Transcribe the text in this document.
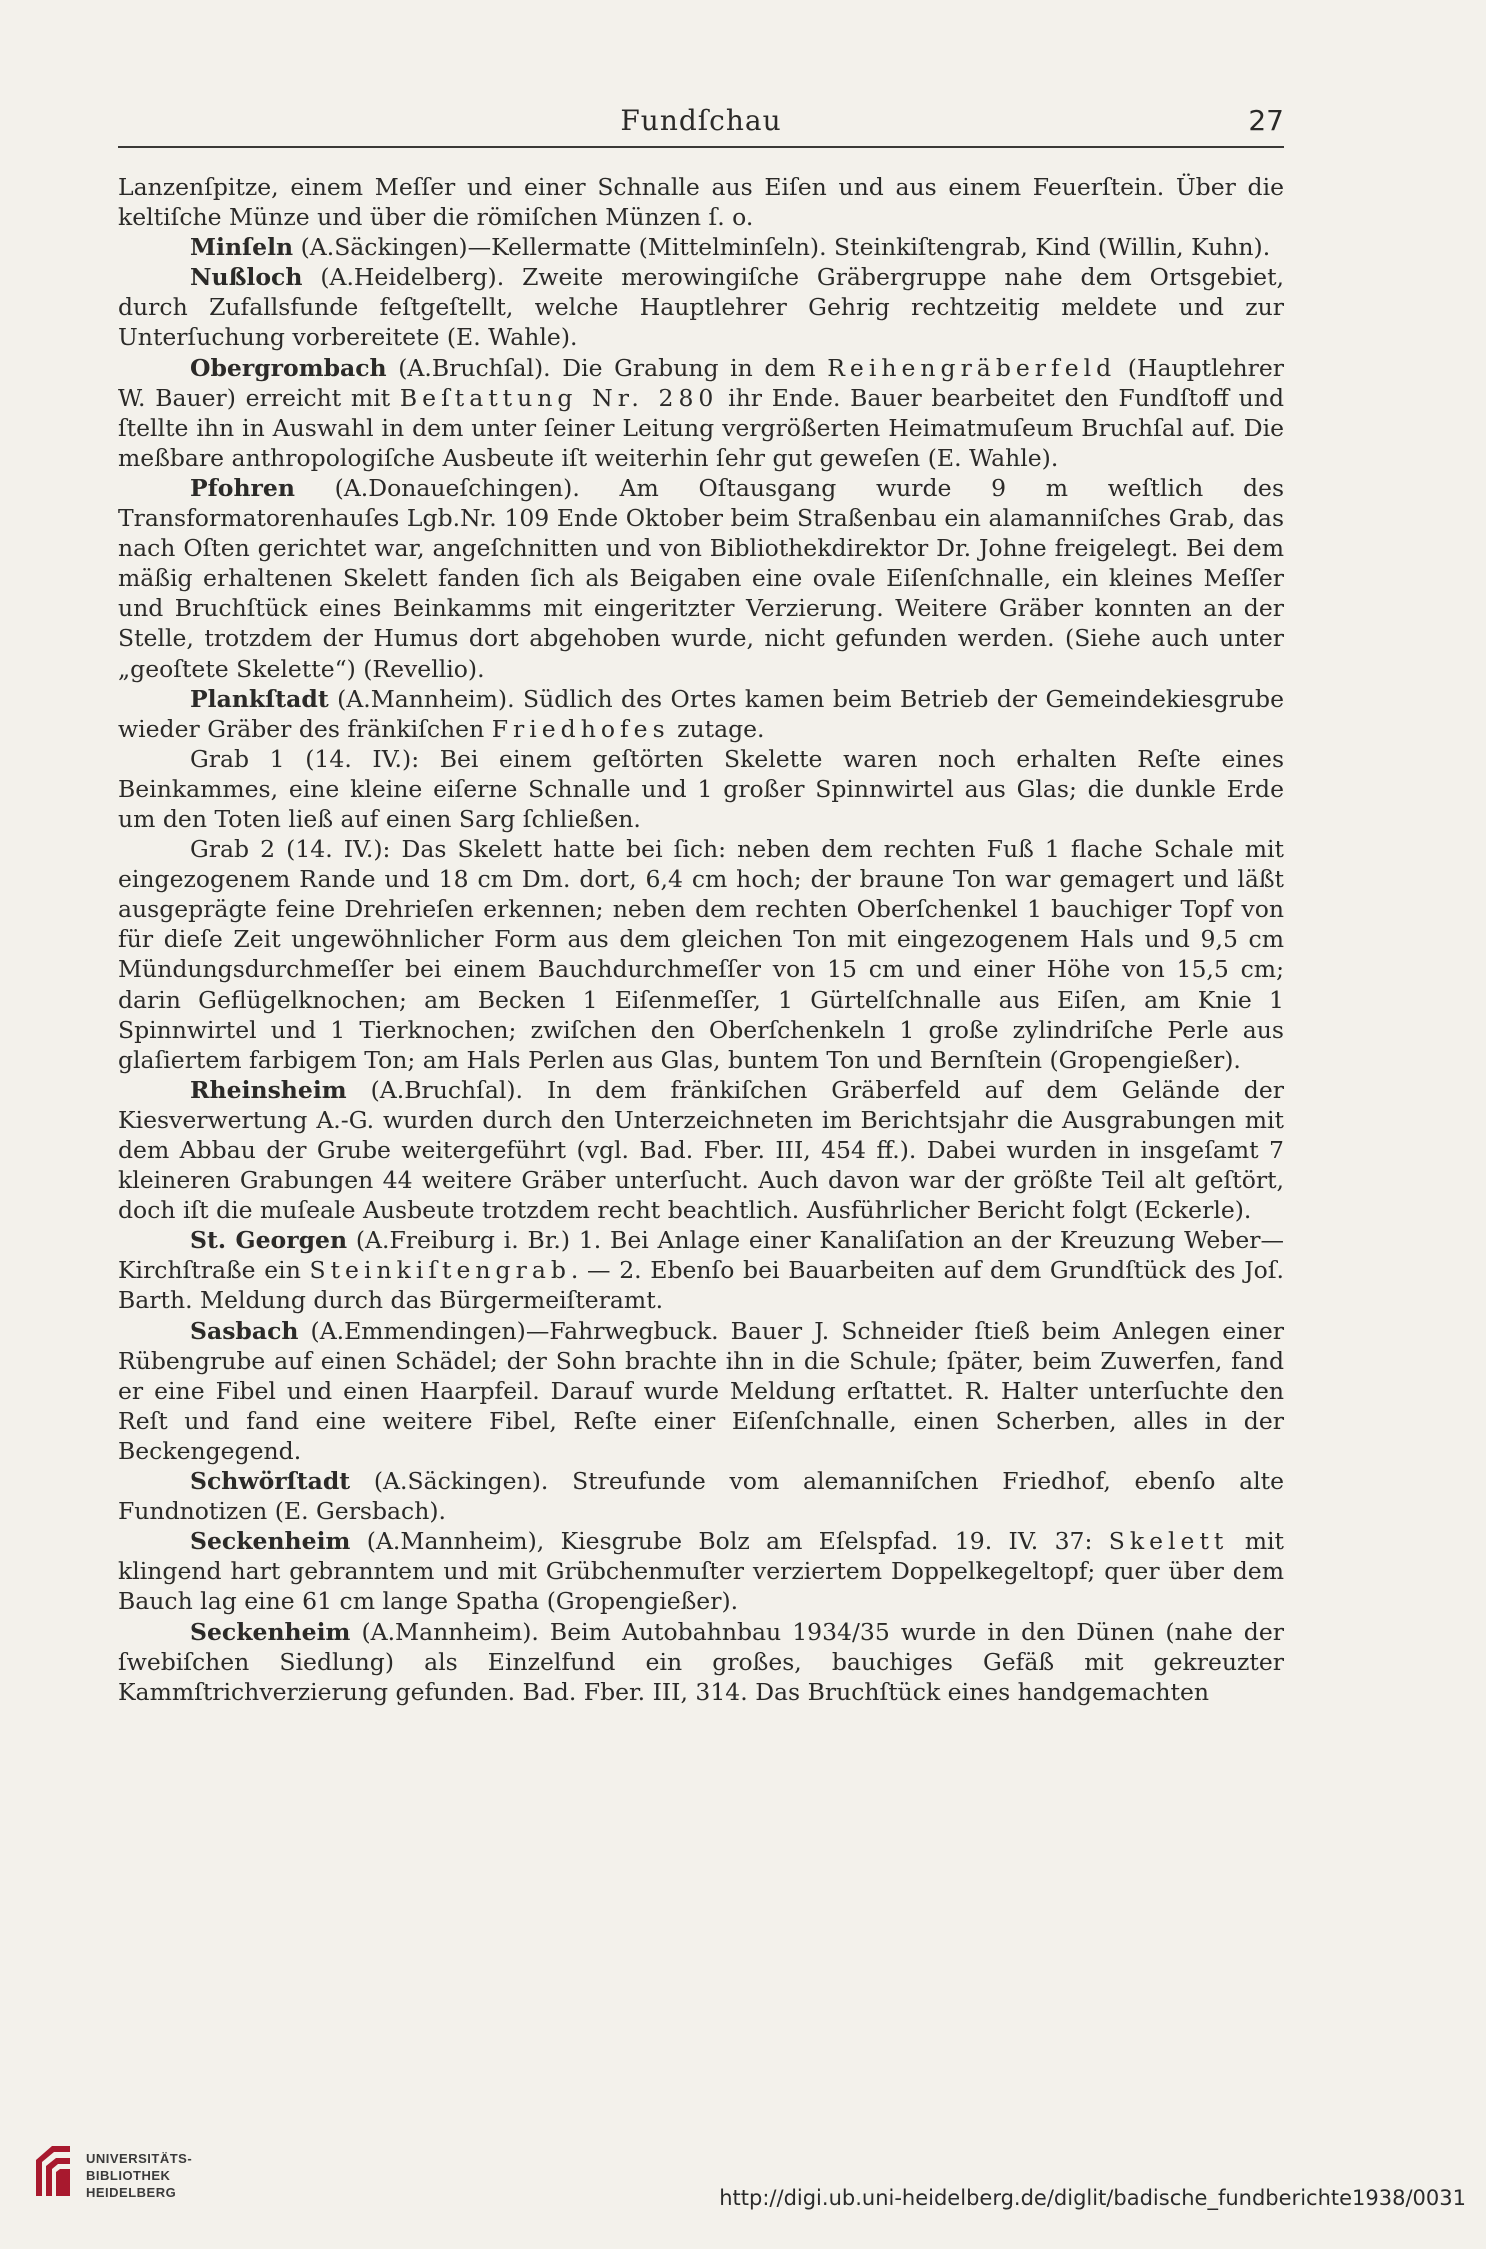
Fundſchau	27

Lanzenſpitze, einem Meſſer und einer Schnalle aus Eiſen und aus einem Feuerſtein. Über die keltiſche Münze und über die römiſchen Münzen ſ. o.

Minſeln (A.Säckingen)—Kellermatte (Mittelminſeln). Steinkiſtengrab, Kind (Willin, Kuhn).

Nußloch (A.Heidelberg). Zweite merowingiſche Gräbergruppe nahe dem Ortsgebiet, durch Zufallsfunde feſtgeſtellt, welche Hauptlehrer Gehrig rechtzeitig meldete und zur Unterſuchung vorbereitete (E. Wahle).

Obergrombach (A.Bruchſal). Die Grabung in dem Reihengräberfeld (Hauptlehrer W. Bauer) erreicht mit Beſtattung Nr. 280 ihr Ende. Bauer bearbeitet den Fundſtoff und ſtellte ihn in Auswahl in dem unter ſeiner Leitung vergrößerten Heimatmuſeum Bruchſal auf. Die meßbare anthropologiſche Ausbeute iſt weiterhin ſehr gut geweſen (E. Wahle).

Pfohren (A.Donaueſchingen). Am Oſtausgang wurde 9 m weſtlich des Transformatorenhauſes Lgb.Nr. 109 Ende Oktober beim Straßenbau ein alamanniſches Grab, das nach Oſten gerichtet war, angeſchnitten und von Bibliothekdirektor Dr. Johne freigelegt. Bei dem mäßig erhaltenen Skelett fanden ſich als Beigaben eine ovale Eiſenſchnalle, ein kleines Meſſer und Bruchſtück eines Beinkamms mit eingeritzter Verzierung. Weitere Gräber konnten an der Stelle, trotzdem der Humus dort abgehoben wurde, nicht gefunden werden. (Siehe auch unter „geoſtete Skelette“) (Revellio).

Plankſtadt (A.Mannheim). Südlich des Ortes kamen beim Betrieb der Gemeindekiesgrube wieder Gräber des fränkiſchen Friedhofes zutage.

Grab 1 (14. IV.): Bei einem geſtörten Skelette waren noch erhalten Reſte eines Beinkammes, eine kleine eiſerne Schnalle und 1 großer Spinnwirtel aus Glas; die dunkle Erde um den Toten ließ auf einen Sarg ſchließen.

Grab 2 (14. IV.): Das Skelett hatte bei ſich: neben dem rechten Fuß 1 flache Schale mit eingezogenem Rande und 18 cm Dm. dort, 6,4 cm hoch; der braune Ton war gemagert und läßt ausgeprägte feine Drehrieſen erkennen; neben dem rechten Oberſchenkel 1 bauchiger Topf von für dieſe Zeit ungewöhnlicher Form aus dem gleichen Ton mit eingezogenem Hals und 9,5 cm Mündungsdurchmeſſer bei einem Bauchdurchmeſſer von 15 cm und einer Höhe von 15,5 cm; darin Geflügelknochen; am Becken 1 Eiſenmeſſer, 1 Gürtelſchnalle aus Eiſen, am Knie 1 Spinnwirtel und 1 Tierknochen; zwiſchen den Oberſchenkeln 1 große zylindriſche Perle aus glaſiertem farbigem Ton; am Hals Perlen aus Glas, buntem Ton und Bernſtein (Gropengießer).

Rheinsheim (A.Bruchſal). In dem fränkiſchen Gräberfeld auf dem Gelände der Kiesverwertung A.-G. wurden durch den Unterzeichneten im Berichtsjahr die Ausgrabungen mit dem Abbau der Grube weitergeführt (vgl. Bad. Fber. III, 454 ff.). Dabei wurden in insgeſamt 7 kleineren Grabungen 44 weitere Gräber unterſucht. Auch davon war der größte Teil alt geſtört, doch iſt die muſeale Ausbeute trotzdem recht beachtlich. Ausführlicher Bericht folgt (Eckerle).

St. Georgen (A.Freiburg i. Br.) 1. Bei Anlage einer Kanaliſation an der Kreuzung Weber—Kirchſtraße ein Steinkiſtengrab. — 2. Ebenſo bei Bauarbeiten auf dem Grundſtück des Joſ. Barth. Meldung durch das Bürgermeiſteramt.

Sasbach (A.Emmendingen)—Fahrwegbuck. Bauer J. Schneider ſtieß beim Anlegen einer Rübengrube auf einen Schädel; der Sohn brachte ihn in die Schule; ſpäter, beim Zuwerfen, fand er eine Fibel und einen Haarpfeil. Darauf wurde Meldung erſtattet. R. Halter unterſuchte den Reſt und fand eine weitere Fibel, Reſte einer Eiſenſchnalle, einen Scherben, alles in der Beckengegend.

Schwörſtadt (A.Säckingen). Streufunde vom alemanniſchen Friedhof, ebenſo alte Fundnotizen (E. Gersbach).

Seckenheim (A.Mannheim), Kiesgrube Bolz am Eſelspfad. 19. IV. 37: Skelett mit klingend hart gebranntem und mit Grübchenmuſter verziertem Doppelkegeltopf; quer über dem Bauch lag eine 61 cm lange Spatha (Gropengießer).

Seckenheim (A.Mannheim). Beim Autobahnbau 1934/35 wurde in den Dünen (nahe der ſwebiſchen Siedlung) als Einzelfund ein großes, bauchiges Gefäß mit gekreuzter Kammſtrichverzierung gefunden. Bad. Fber. III, 314. Das Bruchſtück eines handgemachten

UNIVERSITÄTS-
BIBLIOTHEK
HEIDELBERG	http://digi.ub.uni-heidelberg.de/diglit/badische_fundberichte1938/0031
